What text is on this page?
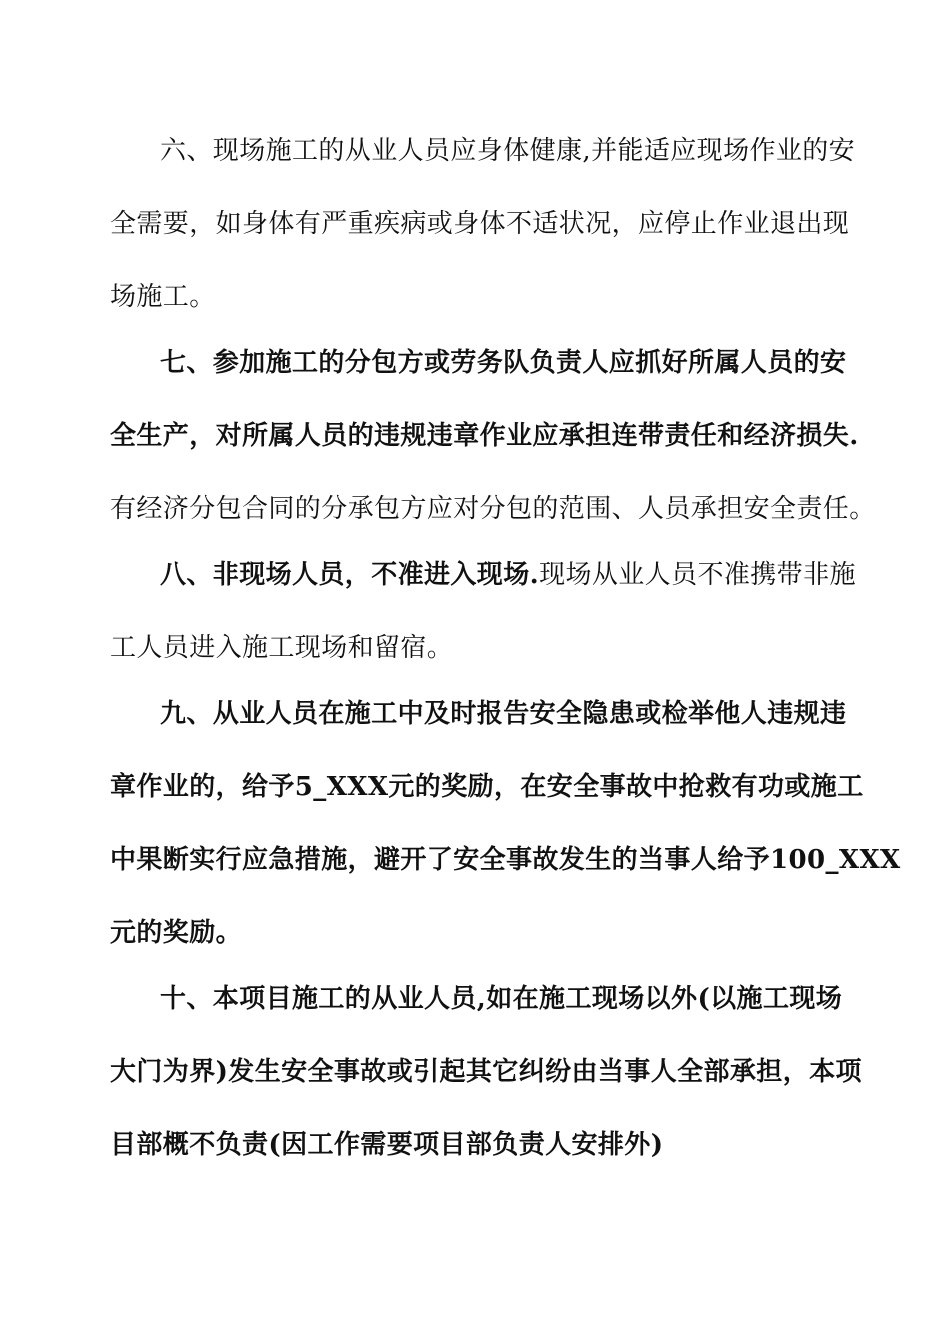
六、现场施工的从业人员应身体健康,并能适应现场作业的安
全需要，如身体有严重疾病或身体不适状况，应停止作业退出现
场施工。
七、参加施工的分包方或劳务队负责人应抓好所属人员的安
全生产，对所属人员的违规违章作业应承担连带责任和经济损失.
有经济分包合同的分承包方应对分包的范围、人员承担安全责任。
八、非现场人员，不准进入现场.现场从业人员不准携带非施
工人员进入施工现场和留宿。
九、从业人员在施工中及时报告安全隐患或检举他人违规违
章作业的，给予5_XXX元的奖励，在安全事故中抢救有功或施工
中果断实行应急措施，避开了安全事故发生的当事人给予100_XXX
元的奖励。
十、本项目施工的从业人员,如在施工现场以外(以施工现场
大门为界)发生安全事故或引起其它纠纷由当事人全部承担，本项
目部概不负责(因工作需要项目部负责人安排外)
